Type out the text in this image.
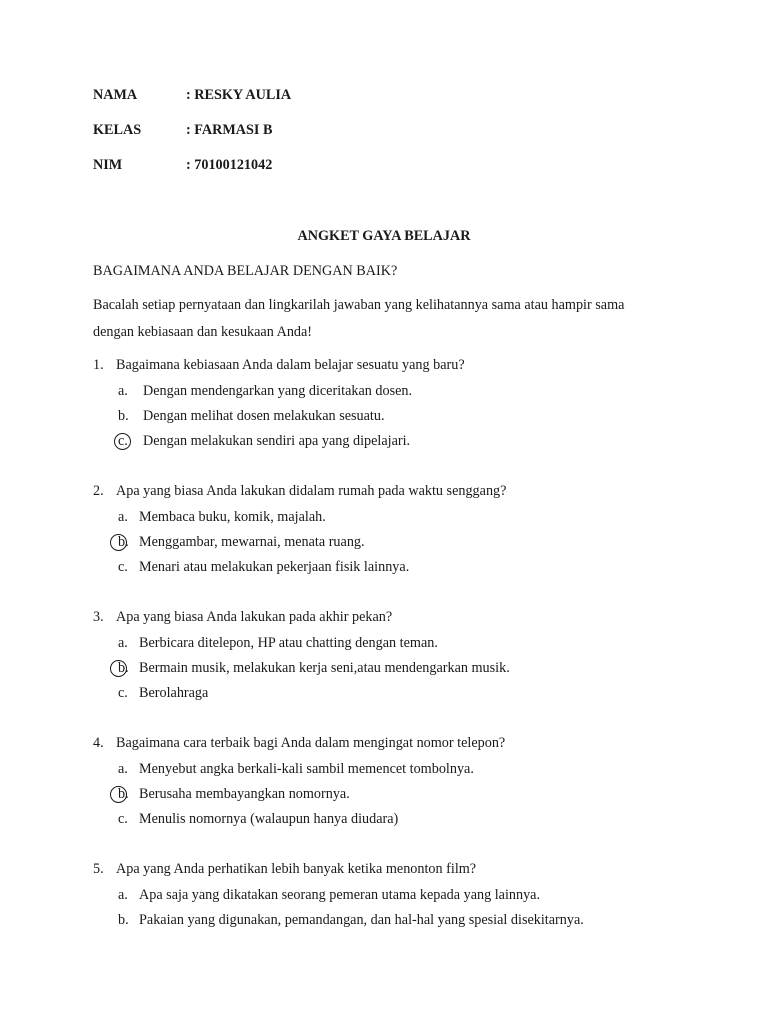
NAMA	: RESKY AULIA
KELAS	: FARMASI B
NIM	: 70100121042
ANGKET GAYA BELAJAR
BAGAIMANA ANDA BELAJAR DENGAN BAIK?
Bacalah setiap pernyataan dan lingkarilah jawaban yang kelihatannya sama atau hampir sama
dengan kebiasaan dan kesukaan Anda!
1. Bagaimana kebiasaan Anda dalam belajar sesuatu yang baru?
a. Dengan mendengarkan yang diceritakan dosen.
b. Dengan melihat dosen melakukan sesuatu.
c. Dengan melakukan sendiri apa yang dipelajari.
2. Apa yang biasa Anda lakukan didalam rumah pada waktu senggang?
a. Membaca buku, komik, majalah.
b. Menggambar, mewarnai, menata ruang.
c. Menari atau melakukan pekerjaan fisik lainnya.
3. Apa yang biasa Anda lakukan pada akhir pekan?
a. Berbicara ditelepon, HP atau chatting dengan teman.
b. Bermain musik, melakukan kerja seni,atau mendengarkan musik.
c. Berolahraga
4. Bagaimana cara terbaik bagi Anda dalam mengingat nomor telepon?
a. Menyebut angka berkali-kali sambil memencet tombolnya.
b. Berusaha membayangkan nomornya.
c. Menulis nomornya (walaupun hanya diudara)
5. Apa yang Anda perhatikan lebih banyak ketika menonton film?
a. Apa saja yang dikatakan seorang pemeran utama kepada yang lainnya.
b. Pakaian yang digunakan, pemandangan, dan hal-hal yang spesial disekitarnya.
